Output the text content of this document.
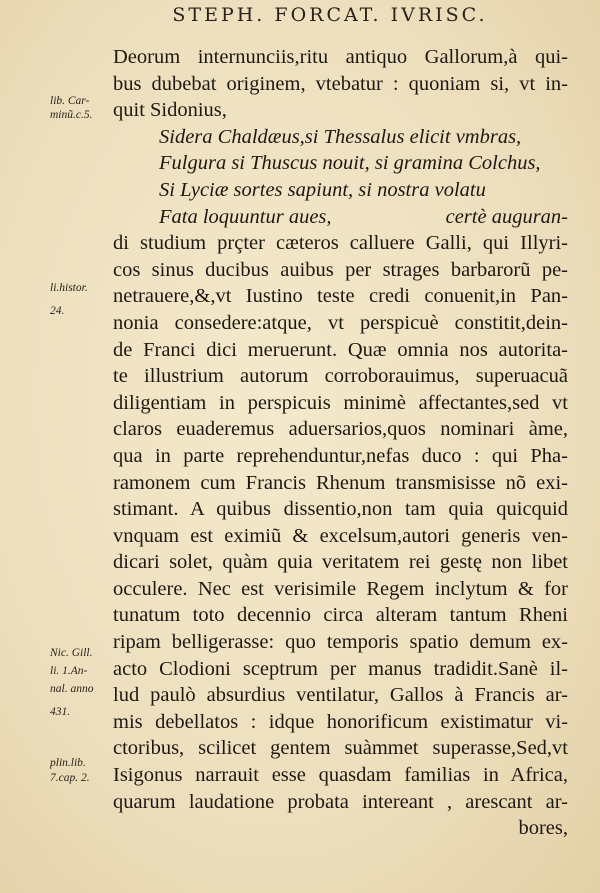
STEPH. FORCAT. IVRISC.
Deorum internunciis,ritu antiquo Gallorum,à qui-
bus dubebat originem, vtebatur : quoniam si, vt in-
quit Sidonius,
Sidera Chaldæus,si Thessalus elicit vmbras,
Fulgura si Thuscus nouit, si gramina Colchus,
Si Lyciæ sortes sapiunt, si nostra volatu
Fata loquuntur aues,	certè auguran-
di studium prçter cæteros calluere Galli, qui Illyri-
cos sinus ducibus auibus per strages barbarorũ pe-
netrauere,&,vt Iustino teste credi conuenit,in Pan-
nonia consedere:atque, vt perspicuè constitit,dein-
de Franci dici meruerunt. Quæ omnia nos autorita-
te illustrium autorum corroborauimus, superuacuã
diligentiam in perspicuis minimè affectantes,sed vt
claros euaderemus aduersarios,quos nominari àme,
qua in parte reprehenduntur,nefas duco : qui Pha-
ramonem cum Francis Rhenum transmisisse nõ exi-
stimant. A quibus dissentio,non tam quia quicquid
vnquam est eximiũ & excelsum,autori generis ven-
dicari solet, quàm quia veritatem rei gestę non libet
occulere. Nec est verisimile Regem inclytum & for
tunatum toto decennio circa alteram tantum Rheni
ripam belligerasse: quo temporis spatio demum ex-
acto Clodioni sceptrum per manus tradidit.Sanè il-
lud paulò absurdius ventilatur, Gallos à Francis ar-
mis debellatos : idque honorificum existimatur vi-
ctoribus, scilicet gentem suàmmet superasse,Sed,vt
Isigonus narrauit esse quasdam familias in Africa,
quarum laudatione probata intereant , arescant ar-
bores,
lib. Car-
minũ.c.5.
li.histor.
24.
Nic. Gill.
li. 1.An-
nal. anno
431.
plin.lib.
7.cap. 2.
